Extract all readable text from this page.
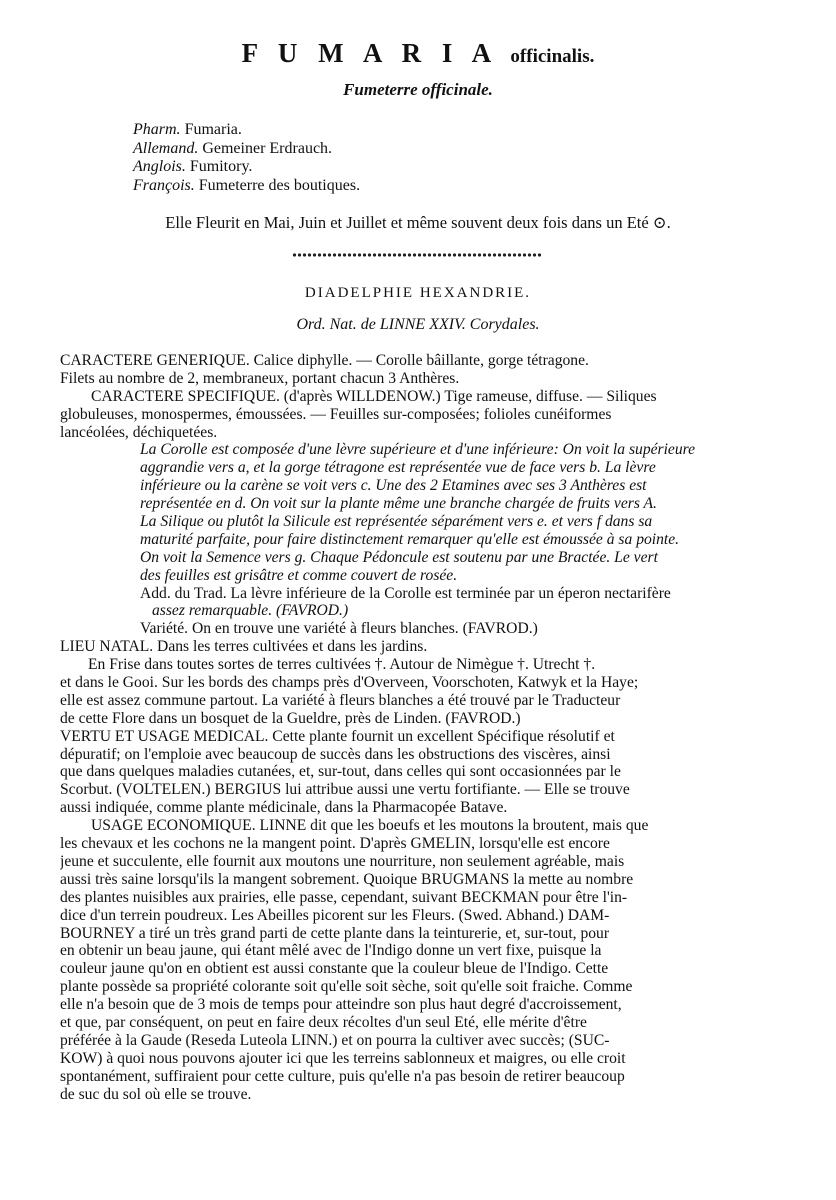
F U M A R I A officinalis.
Fumeterre officinale.
Pharm. Fumaria.
Allemand. Gemeiner Erdrauch.
Anglois. Fumitory.
François. Fumeterre des boutiques.
Elle Fleurit en Mai, Juin et Juillet et même souvent deux fois dans un Eté ⊙.
DIADELPHIE HEXANDRIE.
Ord. Nat. de LINNE XXIV. Corydales.
CARACTERE GENERIQUE. Calice diphylle. — Corolle bâillante, gorge tétragone.
Filets au nombre de 2, membraneux, portant chacun 3 Anthères.
CARACTERE SPECIFIQUE. (d'après WILLDENOW.) Tige rameuse, diffuse. — Siliques
globuleuses, monospermes, émoussées. — Feuilles sur-composées; folioles cunéiformes
lancéolées, déchiquetées.
La Corolle est composée d'une lèvre supérieure et d'une inférieure: On voit la supérieure
aggrandie vers a, et la gorge tétragone est représentée vue de face vers b. La lèvre
inférieure ou la carène se voit vers c. Une des 2 Etamines avec ses 3 Anthères est
représentée en d. On voit sur la plante même une branche chargée de fruits vers A.
La Silique ou plutôt la Silicule est représentée séparément vers e. et vers f dans sa
maturité parfaite, pour faire distinctement remarquer qu'elle est émoussée à sa pointe.
On voit la Semence vers g. Chaque Pédoncule est soutenu par une Bractée. Le vert
des feuilles est grisâtre et comme couvert de rosée.
Add. du Trad. La lèvre inférieure de la Corolle est terminée par un éperon nectarifère
assez remarquable. (FAVROD.)
Variété. On en trouve une variété à fleurs blanches. (FAVROD.)
LIEU NATAL. Dans les terres cultivées et dans les jardins.
En Frise dans toutes sortes de terres cultivées †. Autour de Nimègue †. Utrecht †.
et dans le Gooi. Sur les bords des champs près d'Overveen, Voorschoten, Katwyk et la Haye;
elle est assez commune partout. La variété à fleurs blanches a été trouvé par le Traducteur
de cette Flore dans un bosquet de la Gueldre, près de Linden. (FAVROD.)
VERTU ET USAGE MEDICAL. Cette plante fournit un excellent Spécifique résolutif et
dépuratif; on l'emploie avec beaucoup de succès dans les obstructions des viscères, ainsi
que dans quelques maladies cutanées, et, sur-tout, dans celles qui sont occasionnées par le
Scorbut. (VOLTELEN.) BERGIUS lui attribue aussi une vertu fortifiante. — Elle se trouve
aussi indiquée, comme plante médicinale, dans la Pharmacopée Batave.
USAGE ECONOMIQUE. LINNE dit que les boeufs et les moutons la broutent, mais que
les chevaux et les cochons ne la mangent point. D'après GMELIN, lorsqu'elle est encore
jeune et succulente, elle fournit aux moutons une nourriture, non seulement agréable, mais
aussi très saine lorsqu'ils la mangent sobrement. Quoique BRUGMANS la mette au nombre
des plantes nuisibles aux prairies, elle passe, cependant, suivant BECKMAN pour être l'in-
dice d'un terrein poudreux. Les Abeilles picorent sur les Fleurs. (Swed. Abhand.) DAM-
BOURNEY a tiré un très grand parti de cette plante dans la teinturerie, et, sur-tout, pour
en obtenir un beau jaune, qui étant mêlé avec de l'Indigo donne un vert fixe, puisque la
couleur jaune qu'on en obtient est aussi constante que la couleur bleue de l'Indigo. Cette
plante possède sa propriété colorante soit qu'elle soit sèche, soit qu'elle soit fraiche. Comme
elle n'a besoin que de 3 mois de temps pour atteindre son plus haut degré d'accroissement,
et que, par conséquent, on peut en faire deux récoltes d'un seul Eté, elle mérite d'être
préférée à la Gaude (Reseda Luteola LINN.) et on pourra la cultiver avec succès; (SUC-
KOW) à quoi nous pouvons ajouter ici que les terreins sablonneux et maigres, ou elle croit
spontanément, suffiraient pour cette culture, puis qu'elle n'a pas besoin de retirer beaucoup
de suc du sol où elle se trouve.
